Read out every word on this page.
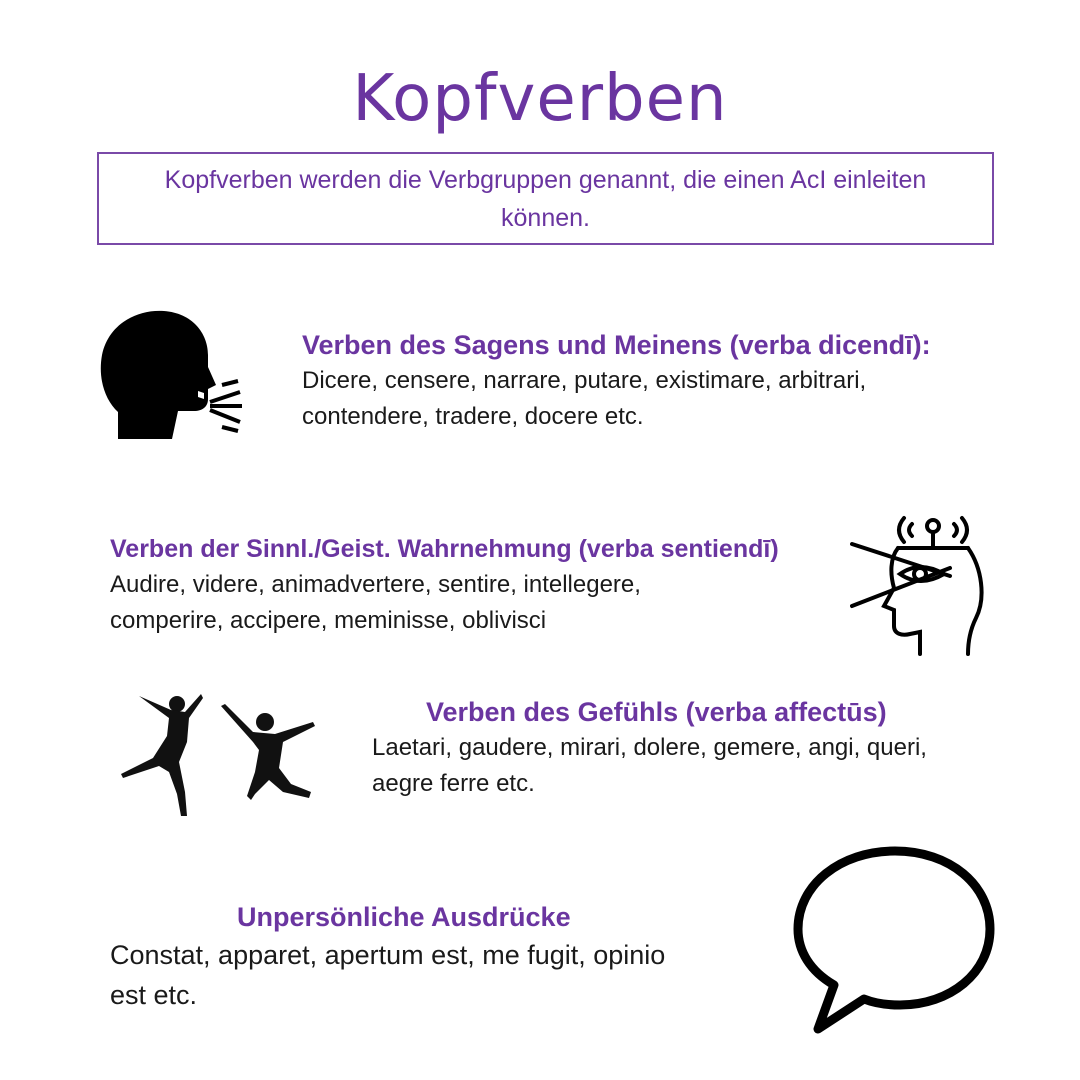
Kopfverben
Kopfverben werden die Verbgruppen genannt, die einen AcI einleiten können.
Verben des Sagens und Meinens (verba dicendī):
Dicere, censere, narrare, putare, existimare, arbitrari, contendere, tradere, docere etc.
Verben der Sinnl./Geist. Wahrnehmung (verba sentiendī)
Audire, videre, animadvertere, sentire, intellegere, comperire, accipere, meminisse, oblivisci
Verben des Gefühls (verba affectūs)
Laetari, gaudere, mirari, dolere, gemere, angi, queri, aegre ferre etc.
Unpersönliche Ausdrücke
Constat, apparet, apertum est, me fugit, opinio est etc.
